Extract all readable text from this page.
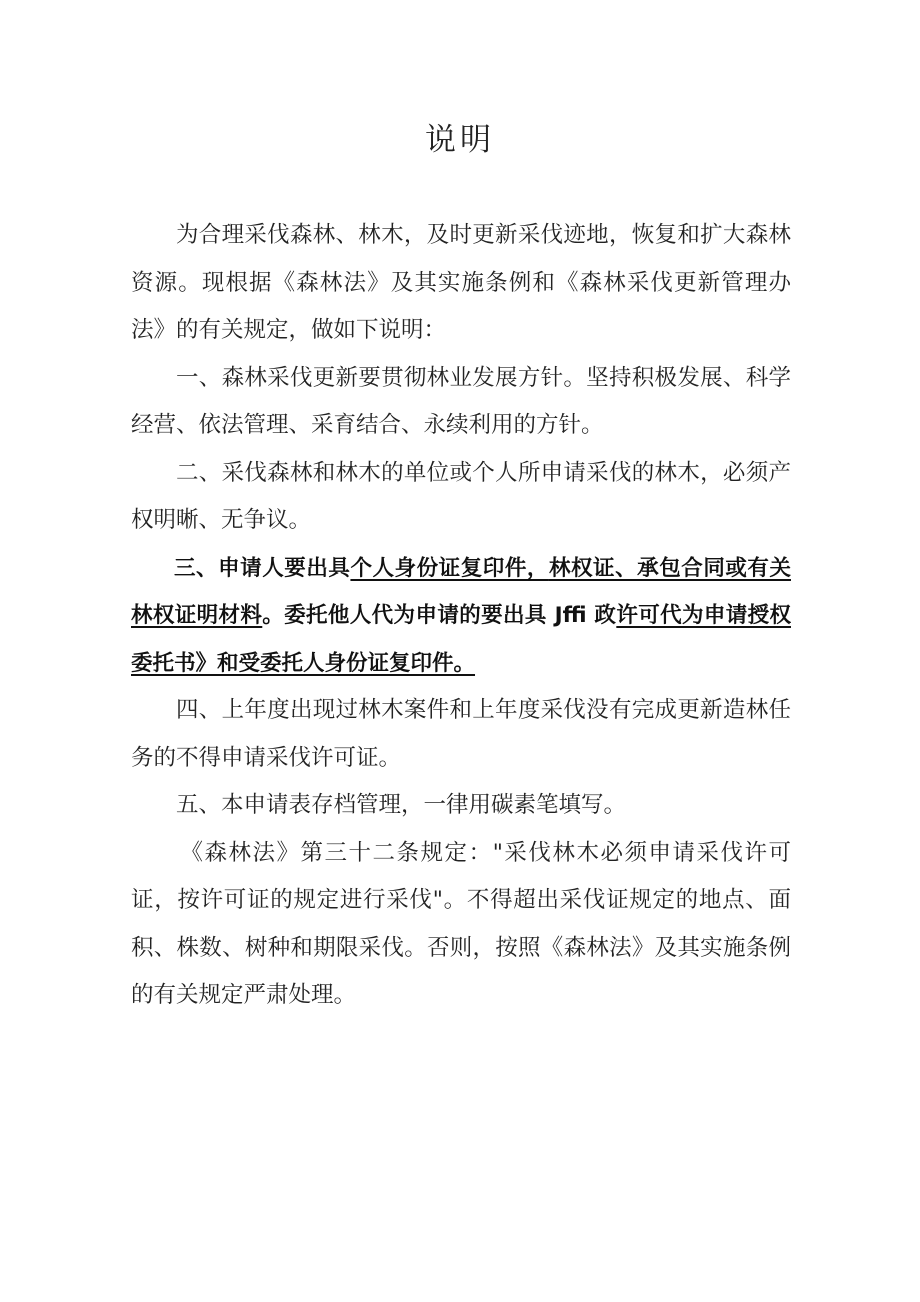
说明

为合理采伐森林、林木，及时更新采伐迹地，恢复和扩大森林资源。现根据《森林法》及其实施条例和《森林采伐更新管理办法》的有关规定，做如下说明：

一、森林采伐更新要贯彻林业发展方针。坚持积极发展、科学经营、依法管理、采育结合、永续利用的方针。

二、采伐森林和林木的单位或个人所申请采伐的林木，必须产权明晰、无争议。

三、申请人要出具个人身份证复印件，林权证、承包合同或有关林权证明材料。委托他人代为申请的要出具 Jffi 政许可代为申请授权委托书》和受委托人身份证复印件。

四、上年度出现过林木案件和上年度采伐没有完成更新造林任务的不得申请采伐许可证。

五、本申请表存档管理，一律用碳素笔填写。

《森林法》第三十二条规定："采伐林木必须申请采伐许可证，按许可证的规定进行采伐"。不得超出采伐证规定的地点、面积、株数、树种和期限采伐。否则，按照《森林法》及其实施条例的有关规定严肃处理。
